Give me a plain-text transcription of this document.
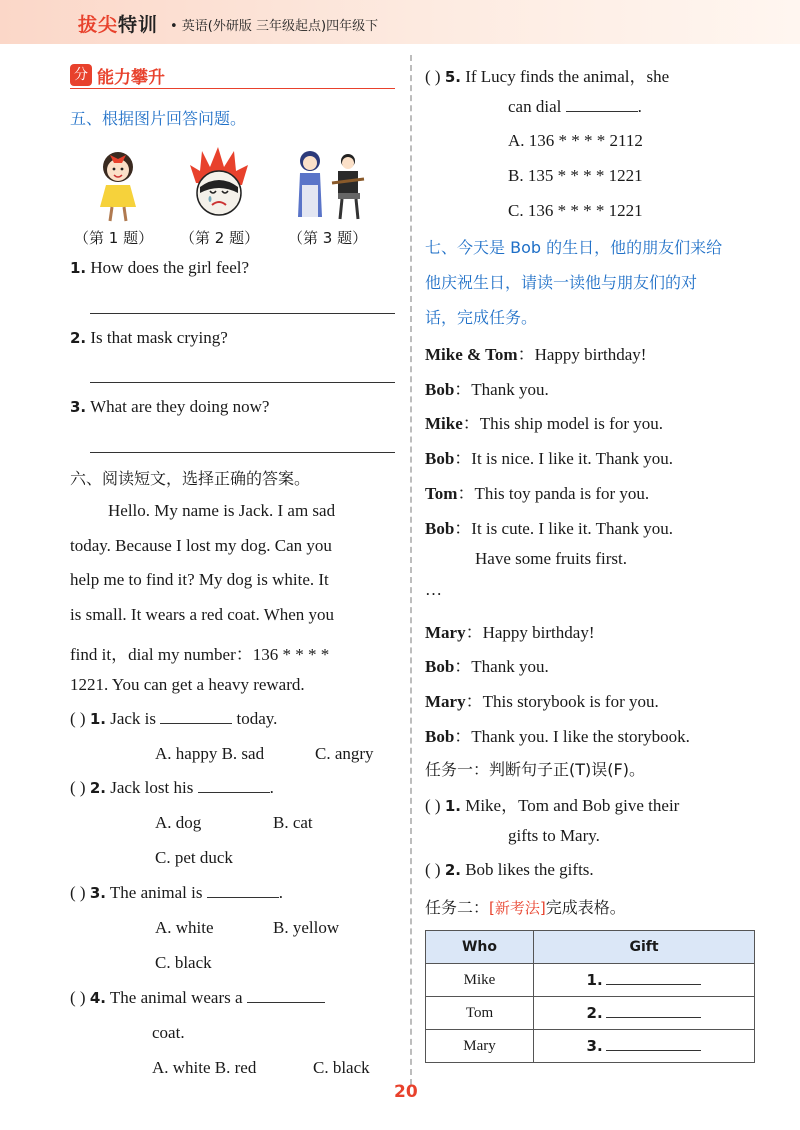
拔尖特训 • 英语(外研版 三年级起点)四年级下
分 能力攀升
五、根据图片回答问题。
（第 1 题） （第 2 题） （第 3 题）
1. How does the girl feel?
2. Is that mask crying?
3. What are they doing now?
六、阅读短文，选择正确的答案。
Hello. My name is Jack. I am sad
today. Because I lost my dog. Can you
help me to find it? My dog is white. It
is small. It wears a red coat. When you
find it，dial my number：136 * * * *
1221. You can get a heavy reward.
( ) 1. Jack is	today.
A. happy B. sad	C. angry
( ) 2. Jack lost his	.
A. dog	B. cat
C. pet duck
( ) 3. The animal is	.
A. white	B. yellow
C. black
( ) 4. The animal wears a
coat.
A. white B. red	C. black
( ) 5. If Lucy finds the animal，she
can dial	.
A. 136 * * * * 2112
B. 135 * * * * 1221
C. 136 * * * * 1221
七、今天是 Bob 的生日，他的朋友们来给
他庆祝生日，请读一读他与朋友们的对
话，完成任务。
Mike & Tom：Happy birthday!
Bob：Thank you.
Mike：This ship model is for you.
Bob：It is nice. I like it. Thank you.
Tom：This toy panda is for you.
Bob：It is cute. I like it. Thank you.
Have some fruits first.
…
Mary：Happy birthday!
Bob：Thank you.
Mary：This storybook is for you.
Bob：Thank you. I like the storybook.
任务一：判断句子正(T)误(F)。
( ) 1. Mike，Tom and Bob give their
gifts to Mary.
( ) 2. Bob likes the gifts.
任务二：[新考法]完成表格。
Who	Gift
Mike	1.
Tom	2.
Mary	3.
20
